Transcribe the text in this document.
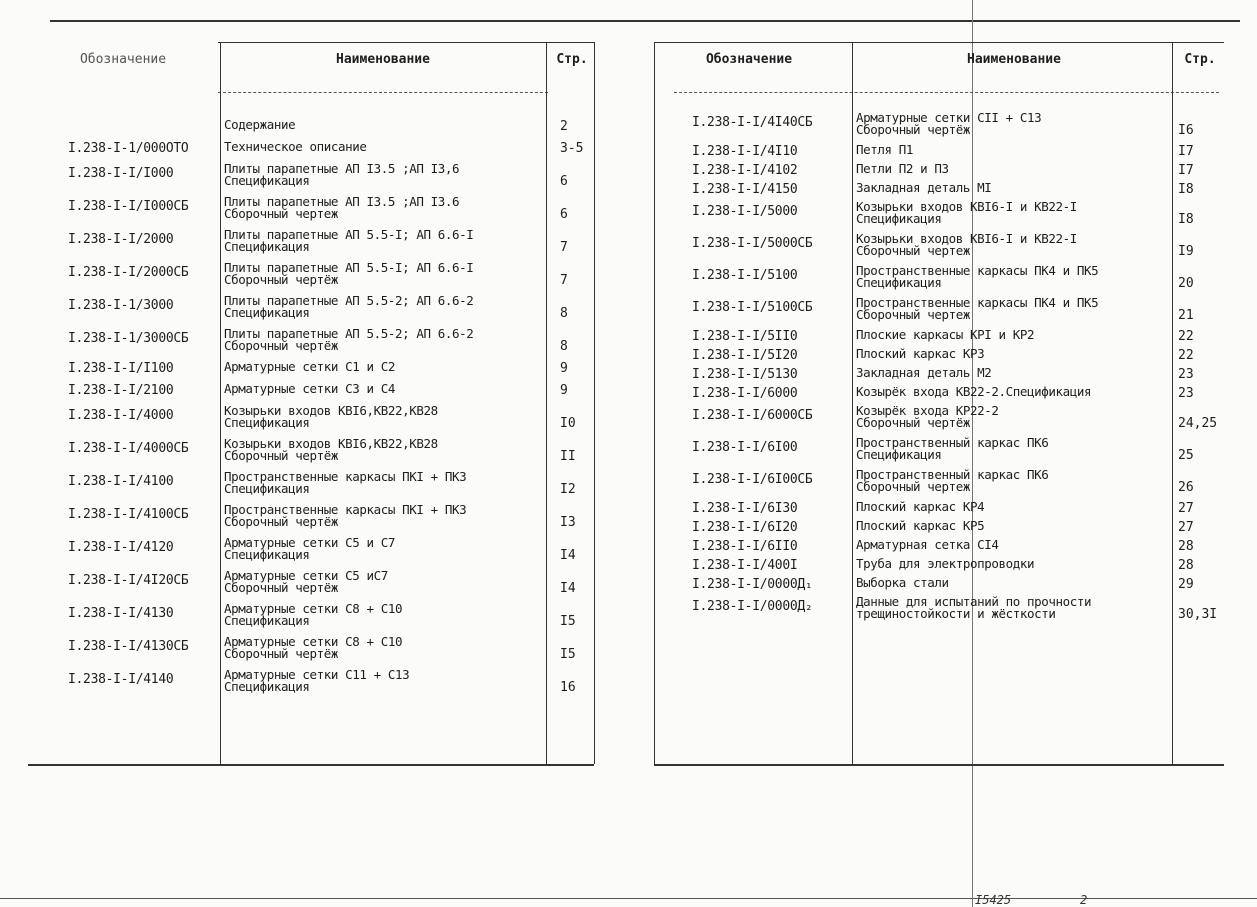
Обозначение	Наименование	Стр.
Содержание	2
I.238-I-1/000OTO	Техническое описание	3-5
I.238-I-I/I000	Плиты парапетные АП I3.5 ;АП I3,6
Спецификация	6
I.238-I-I/I000СБ	Плиты парапетные АП I3.5 ;АП I3.6
Сборочный чертеж	6
I.238-I-I/2000	Плиты парапетные АП 5.5-I; АП 6.6-I
Спецификация	7
I.238-I-I/2000СБ	Плиты парапетные АП 5.5-I; АП 6.6-I
Сборочный чертёж	7
I.238-I-1/3000	Плиты парапетные АП 5.5-2; АП 6.6-2
Спецификация	8
I.238-I-1/3000СБ	Плиты парапетные АП 5.5-2; АП 6.6-2
Сборочный чертёж	8
I.238-I-I/I100	Арматурные сетки С1 и С2	9
I.238-I-I/2100	Арматурные сетки С3 и С4	9
I.238-I-I/4000	Козырьки входов КВI6,КВ22,КВ28
Спецификация	I0
I.238-I-I/4000СБ	Козырьки входов КВI6,КВ22,КВ28
Сборочный чертёж	II
I.238-I-I/4100	Пространственные каркасы ПКI + ПК3
Спецификация	I2
I.238-I-I/4100СБ	Пространственные каркасы ПКI + ПК3
Сборочный чертёж	I3
I.238-I-I/4120	Арматурные сетки С5 и С7
Спецификация	I4
I.238-I-I/4I20СБ	Арматурные сетки С5 иС7
Сборочный чертёж	I4
I.238-I-I/4130	Арматурные сетки С8 + С10
Спецификация	I5
I.238-I-I/4130СБ	Арматурные сетки С8 + С10
Сборочный чертёж	I5
I.238-I-I/4140	Арматурные сетки С11 + С13
Спецификация	16
Обозначение	Наименование	Стр.
I.238-I-I/4I40СБ	Арматурные сетки СII + С13
Сборочный чертёж	I6
I.238-I-I/4I10	Петля П1	I7
I.238-I-I/4102	Петли П2 и П3	I7
I.238-I-I/4150	Закладная деталь МI	I8
I.238-I-I/5000	Козырьки входов КВI6-I и КВ22-I
Спецификация	I8
I.238-I-I/5000СБ	Козырьки входов КВI6-I и КВ22-I
Сборочный чертеж	I9
I.238-I-I/5100	Пространственные каркасы ПК4 и ПК5
Спецификация	20
I.238-I-I/5100СБ	Пространственные каркасы ПК4 и ПК5
Сборочный чертеж	21
I.238-I-I/5II0	Плоские каркасы КРI и КР2	22
I.238-I-I/5I20	Плоский каркас КР3	22
I.238-I-I/5130	Закладная деталь М2	23
I.238-I-I/6000	Козырёк входа КВ22-2.Спецификация	23
I.238-I-I/6000СБ	Козырёк входа КР22-2
Сборочный чертёж	24,25
I.238-I-I/6I00	Пространственный каркас ПК6
Спецификация	25
I.238-I-I/6I00СБ	Пространственный каркас ПК6
Сборочный чертеж	26
I.238-I-I/6I30	Плоский каркас КР4	27
I.238-I-I/6I20	Плоский каркас КР5	27
I.238-I-I/6II0	Арматурная сетка СI4	28
I.238-I-I/400I	Труба для электропроводки	28
I.238-I-I/0000Д₁	Выборка стали	29
I.238-I-I/0000Д₂	Данные для испытаний по прочности
трещиностойкости и жёсткости	30,3I
I5425	2
